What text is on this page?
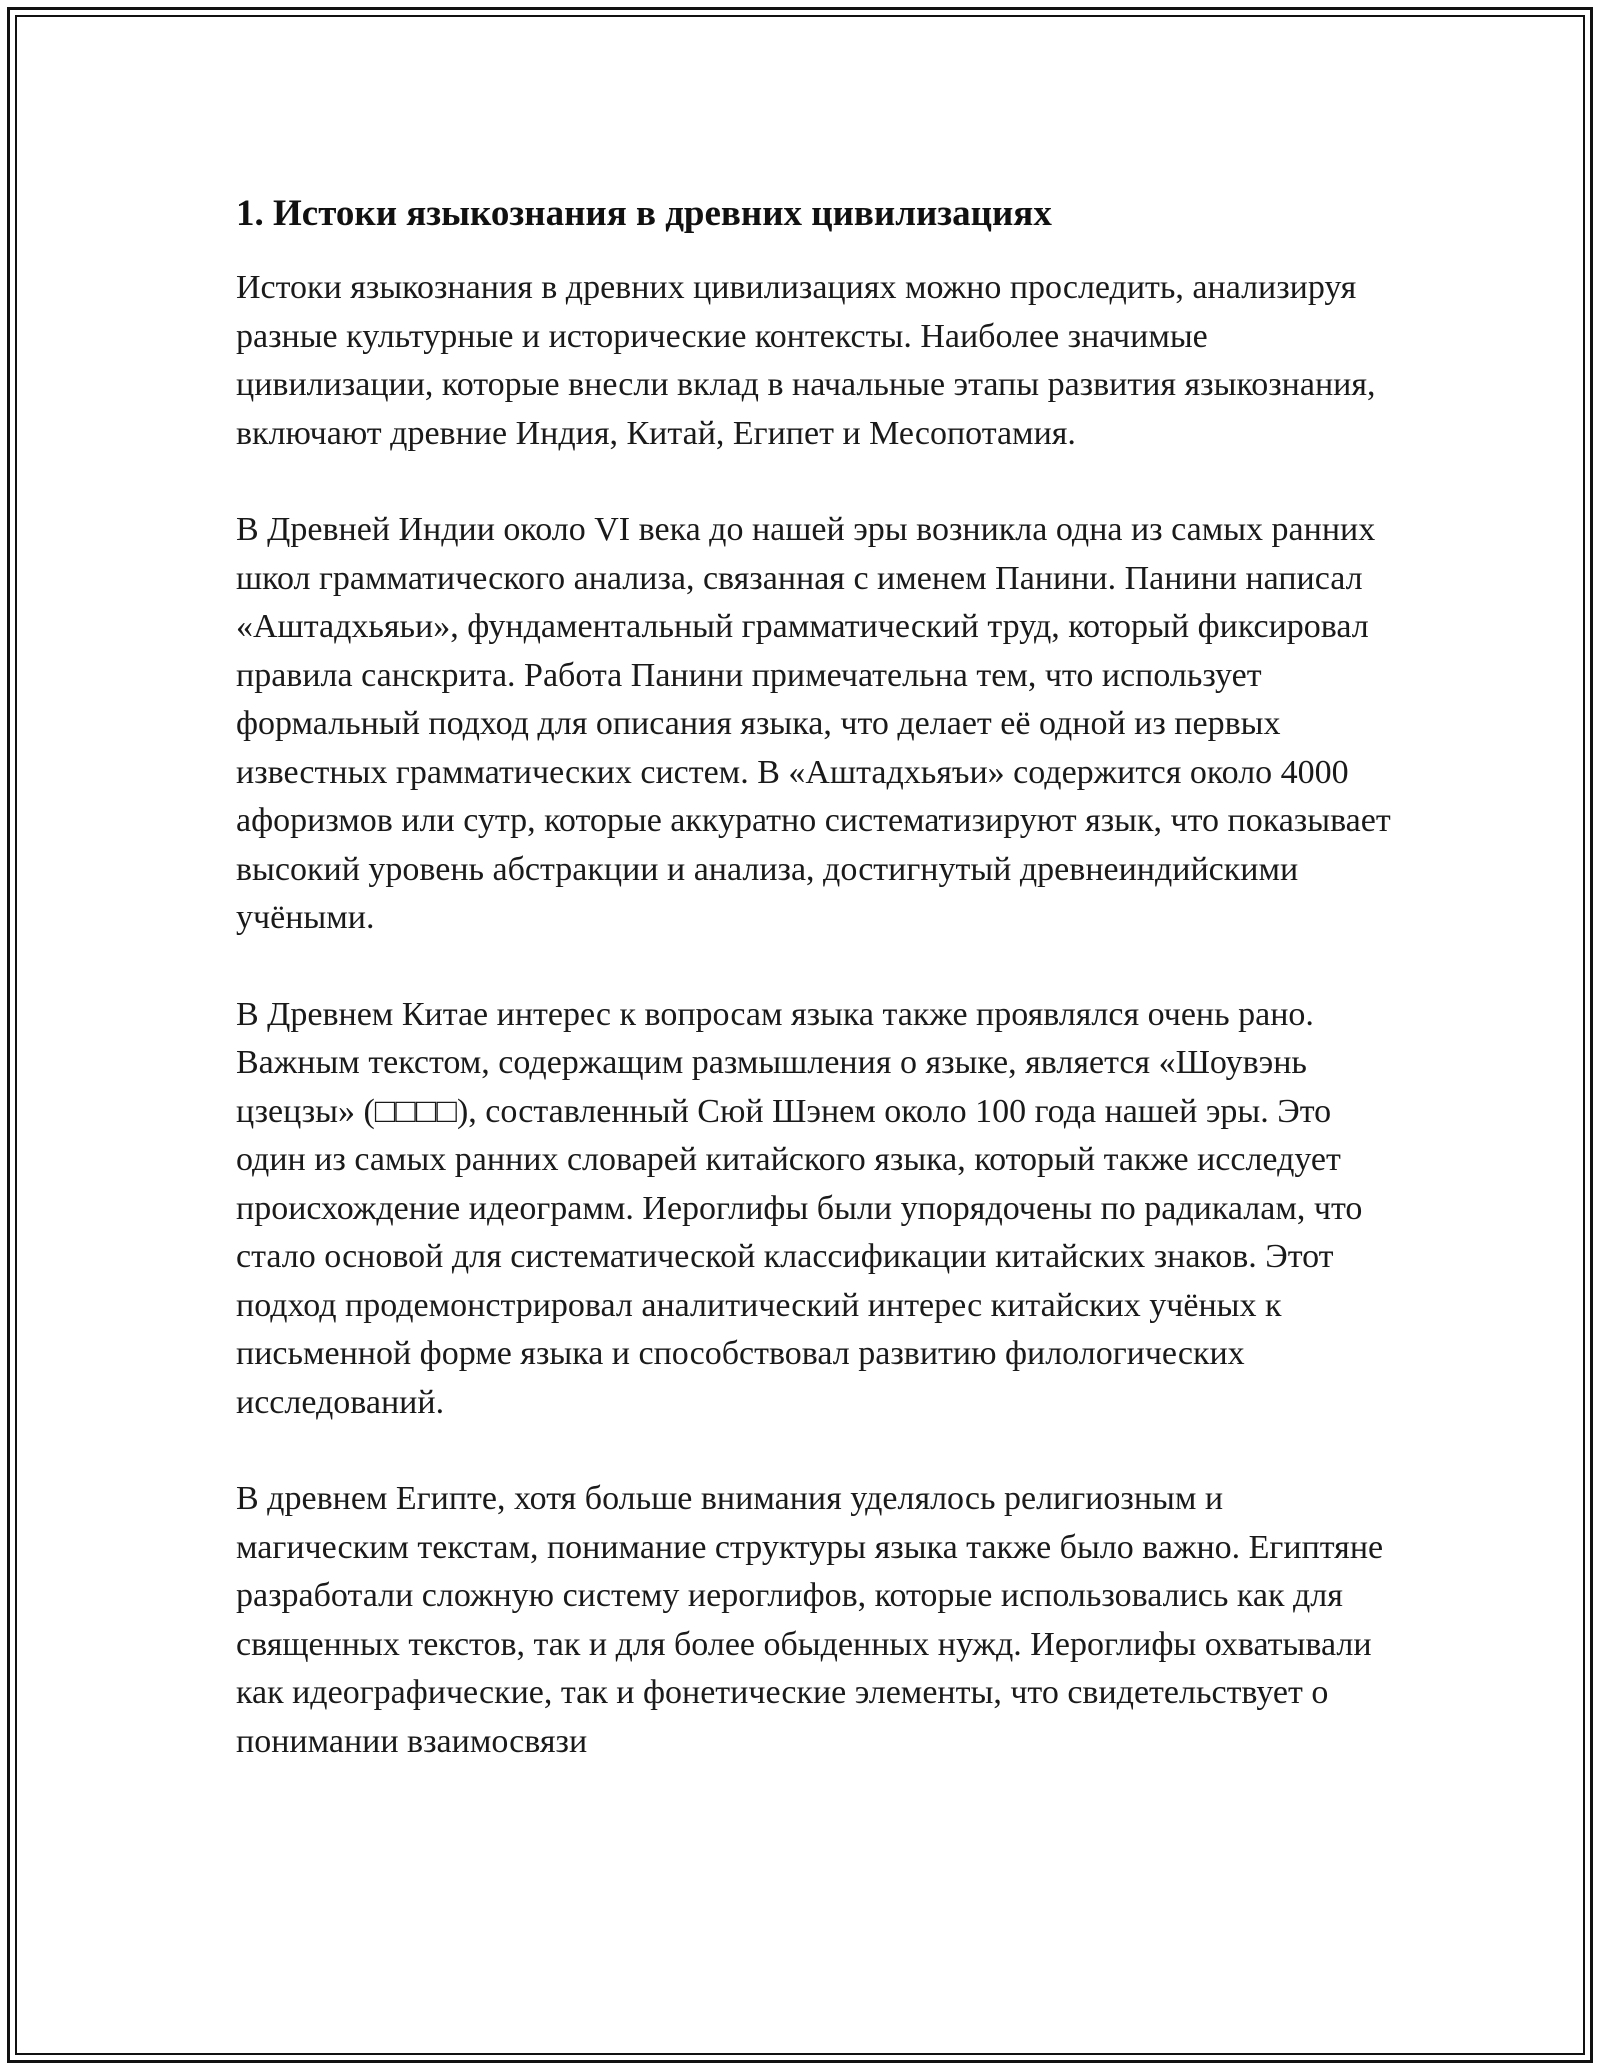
1. Истоки языкознания в древних цивилизациях

Истоки языкознания в древних цивилизациях можно проследить, анализируя разные культурные и исторические контексты. Наиболее значимые цивилизации, которые внесли вклад в начальные этапы развития языкознания, включают древние Индия, Китай, Египет и Месопотамия.

В Древней Индии около VI века до нашей эры возникла одна из самых ранних школ грамматического анализа, связанная с именем Панини. Панини написал «Аштадхьяьи», фундаментальный грамматический труд, который фиксировал правила санскрита. Работа Панини примечательна тем, что использует формальный подход для описания языка, что делает её одной из первых известных грамматических систем. В «Аштадхьяъи» содержится около 4000 афоризмов или сутр, которые аккуратно систематизируют язык, что показывает высокий уровень абстракции и анализа, достигнутый древнеиндийскими учёными.

В Древнем Китае интерес к вопросам языка также проявлялся очень рано. Важным текстом, содержащим размышления о языке, является «Шоувэнь цзецзы» (□□□□), составленный Сюй Шэнем около 100 года нашей эры. Это один из самых ранних словарей китайского языка, который также исследует происхождение идеограмм. Иероглифы были упорядочены по радикалам, что стало основой для систематической классификации китайских знаков. Этот подход продемонстрировал аналитический интерес китайских учёных к письменной форме языка и способствовал развитию филологических исследований.

В древнем Египте, хотя больше внимания уделялось религиозным и магическим текстам, понимание структуры языка также было важно. Египтяне разработали сложную систему иероглифов, которые использовались как для священных текстов, так и для более обыденных нужд. Иероглифы охватывали как идеографические, так и фонетические элементы, что свидетельствует о понимании взаимосвязи
